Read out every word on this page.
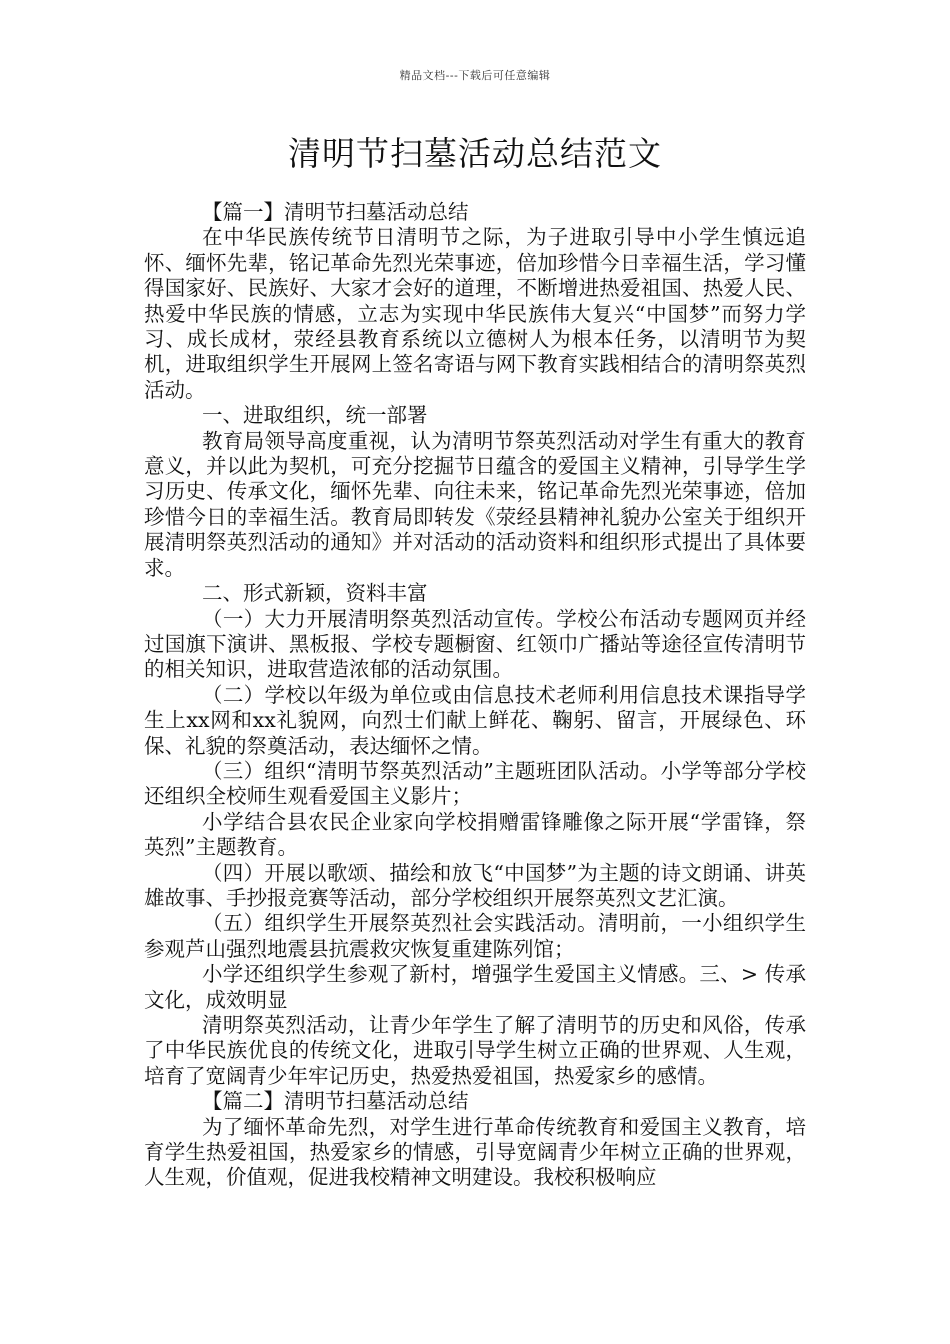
精品文档---下载后可任意编辑
清明节扫墓活动总结范文

【篇一】清明节扫墓活动总结

在中华民族传统节日清明节之际，为子进取引导中小学生慎远追怀、缅怀先辈，铭记革命先烈光荣事迹，倍加珍惜今日幸福生活，学习懂得国家好、民族好、大家才会好的道理，不断增进热爱祖国、热爱人民、热爱中华民族的情感，立志为实现中华民族伟大复兴“中国梦”而努力学习、成长成材，荥经县教育系统以立德树人为根本任务，以清明节为契机，进取组织学生开展网上签名寄语与网下教育实践相结合的清明祭英烈活动。

一、进取组织，统一部署

教育局领导高度重视，认为清明节祭英烈活动对学生有重大的教育意义，并以此为契机，可充分挖掘节日蕴含的爱国主义精神，引导学生学习历史、传承文化，缅怀先辈、向往未来，铭记革命先烈光荣事迹，倍加珍惜今日的幸福生活。教育局即转发《荥经县精神礼貌办公室关于组织开展清明祭英烈活动的通知》并对活动的活动资料和组织形式提出了具体要求。

二、形式新颖，资料丰富

（一）大力开展清明祭英烈活动宣传。学校公布活动专题网页并经过国旗下演讲、黑板报、学校专题橱窗、红领巾广播站等途径宣传清明节的相关知识，进取营造浓郁的活动氛围。

（二）学校以年级为单位或由信息技术老师利用信息技术课指导学生上xx网和xx礼貌网，向烈士们献上鲜花、鞠躬、留言，开展绿色、环保、礼貌的祭奠活动，表达缅怀之情。

（三）组织“清明节祭英烈活动”主题班团队活动。小学等部分学校还组织全校师生观看爱国主义影片；

小学结合县农民企业家向学校捐赠雷锋雕像之际开展“学雷锋，祭英烈”主题教育。

（四）开展以歌颂、描绘和放飞“中国梦”为主题的诗文朗诵、讲英雄故事、手抄报竞赛等活动，部分学校组织开展祭英烈文艺汇演。

（五）组织学生开展祭英烈社会实践活动。清明前，一小组织学生参观芦山强烈地震县抗震救灾恢复重建陈列馆；

小学还组织学生参观了新村，增强学生爱国主义情感。三、> 传承文化，成效明显

清明祭英烈活动，让青少年学生了解了清明节的历史和风俗，传承了中华民族优良的传统文化，进取引导学生树立正确的世界观、人生观，培育了宽阔青少年牢记历史，热爱热爱祖国，热爱家乡的感情。

【篇二】清明节扫墓活动总结

为了缅怀革命先烈，对学生进行革命传统教育和爱国主义教育，培育学生热爱祖国，热爱家乡的情感，引导宽阔青少年树立正确的世界观，人生观，价值观，促进我校精神文明建设。我校积极响应
